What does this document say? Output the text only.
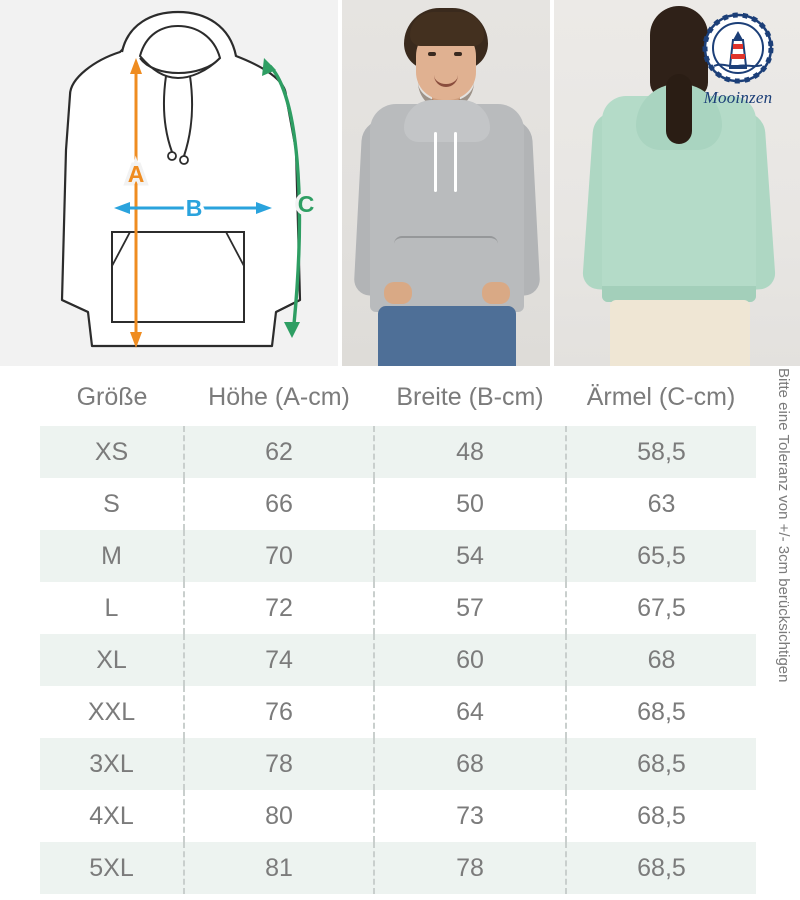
A
B	C
Mooinzen
Größe	Höhe (A-cm)	Breite (B-cm)	Ärmel (C-cm)
XS	62	48	58,5
S	66	50	63
M	70	54	65,5
L	72	57	67,5
XL	74	60	68
XXL	76	64	68,5
3XL	78	68	68,5
4XL	80	73	68,5
5XL	81	78	68,5
Bitte eine Toleranz von +/- 3cm berücksichtigen
